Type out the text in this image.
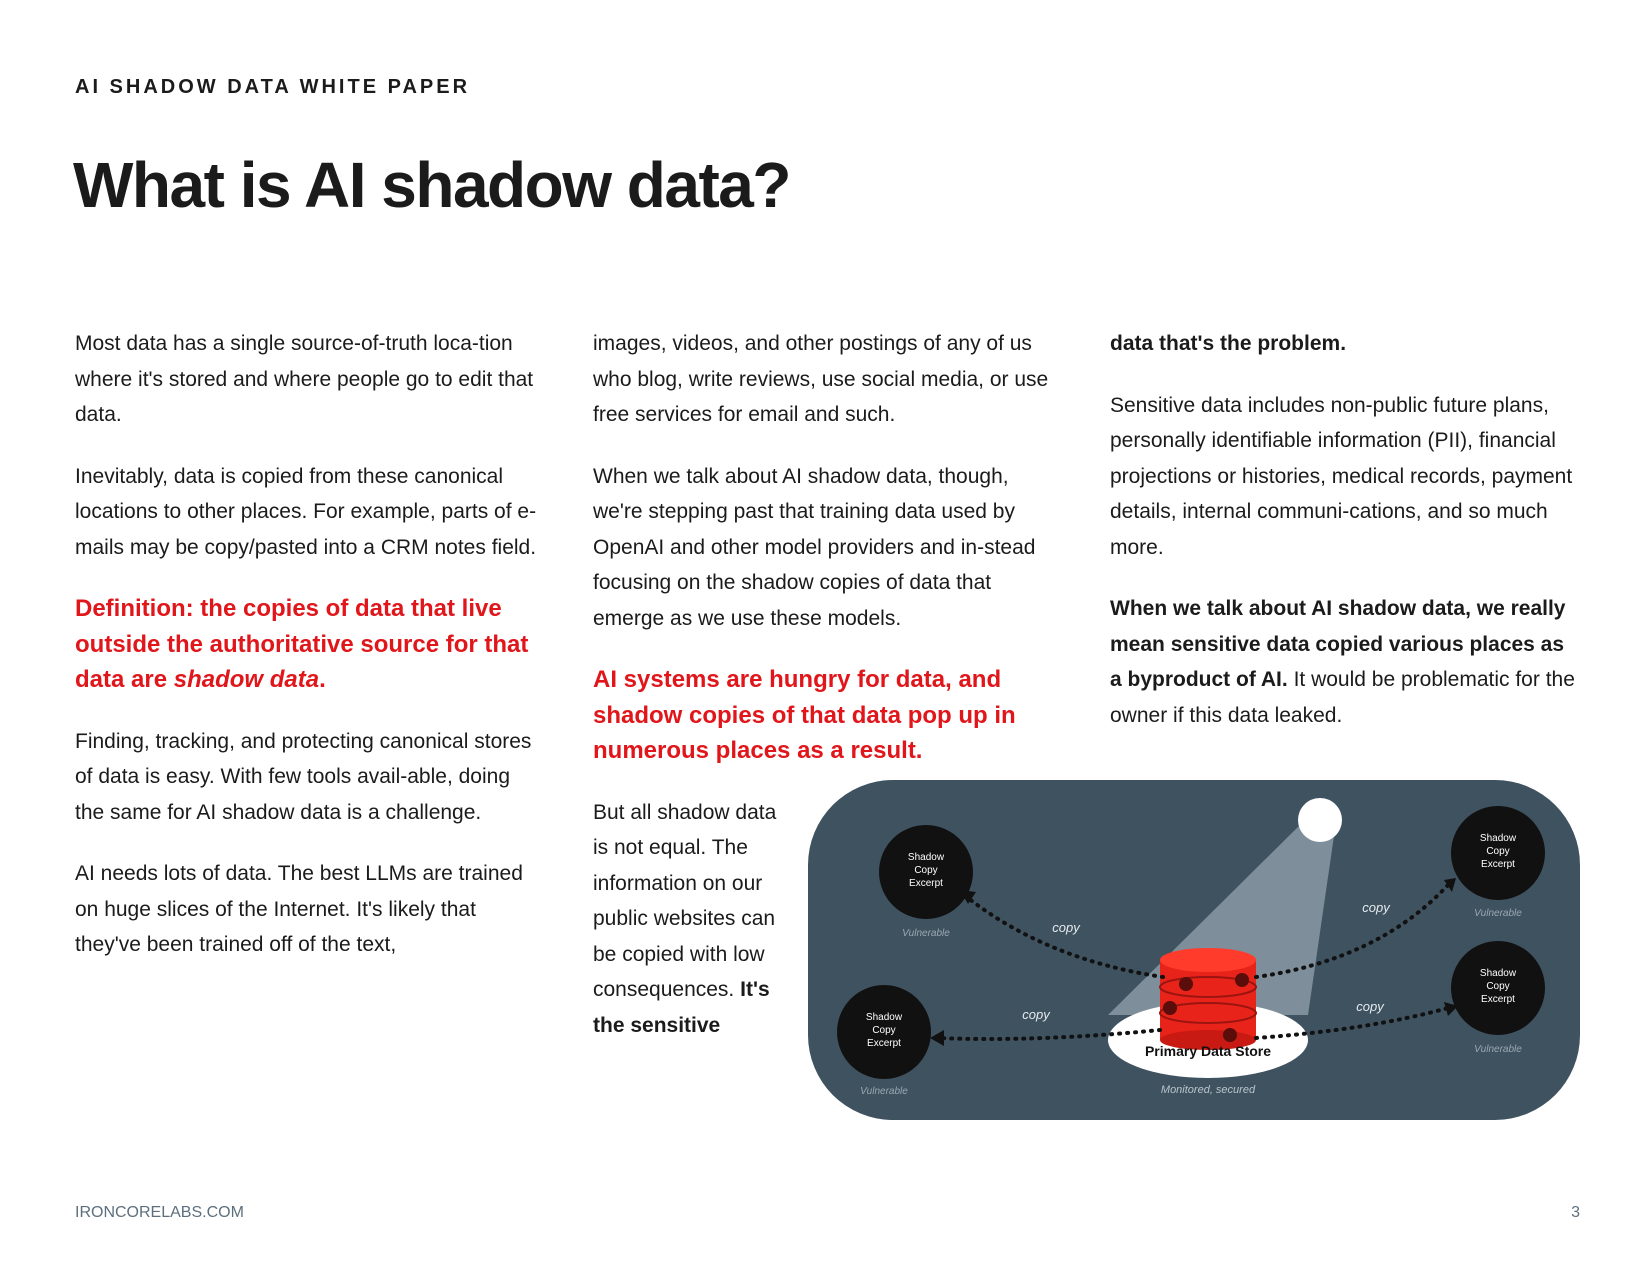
AI SHADOW DATA WHITE PAPER
What is AI shadow data?

Most data has a single source-of-truth loca-tion where it's stored and where people go to edit that data.

Inevitably, data is copied from these canonical locations to other places. For example, parts of e-mails may be copy/pasted into a CRM notes field.

Definition: the copies of data that live outside the authoritative source for that data are shadow data.

Finding, tracking, and protecting canonical stores of data is easy. With few tools avail-able, doing the same for AI shadow data is a challenge.

AI needs lots of data. The best LLMs are trained on huge slices of the Internet. It's likely that they've been trained off of the text,

images, videos, and other postings of any of us who blog, write reviews, use social media, or use free services for email and such.

When we talk about AI shadow data, though, we're stepping past that training data used by OpenAI and other model providers and in-stead focusing on the shadow copies of data that emerge as we use these models.

AI systems are hungry for data, and shadow copies of that data pop up in numerous places as a result.

But all shadow data is not equal. The information on our public websites can be copied with low consequences. It's the sensitive

data that's the problem.

Sensitive data includes non-public future plans, personally identifiable information (PII), financial projections or histories, medical records, payment details, internal communi-cations, and so much more.

When we talk about AI shadow data, we really mean sensitive data copied various places as a byproduct of AI. It would be problematic for the owner if this data leaked.

Primary Data Store
Monitored, secured
copy
copy
copy
copy
Shadow
Copy
Excerpt
Vulnerable
Shadow
Copy
Excerpt
Vulnerable
Shadow
Copy
Excerpt
Vulnerable
Shadow
Copy
Excerpt
Vulnerable
IRONCORELABS.COM	3
